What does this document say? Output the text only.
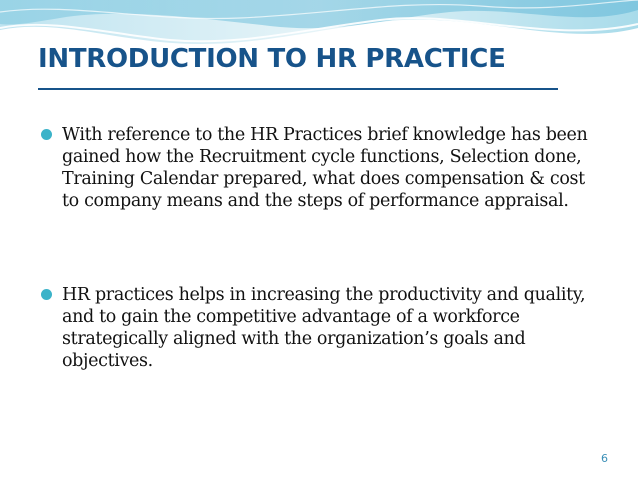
INTRODUCTION TO HR PRACTICE
With reference to the HR Practices brief knowledge has been gained how the Recruitment cycle functions, Selection done, Training Calendar prepared, what does compensation & cost to company means and the steps of performance appraisal.
HR practices helps in increasing the productivity and quality, and to gain the competitive advantage of a workforce strategically aligned with the organization’s goals and objectives.
6
